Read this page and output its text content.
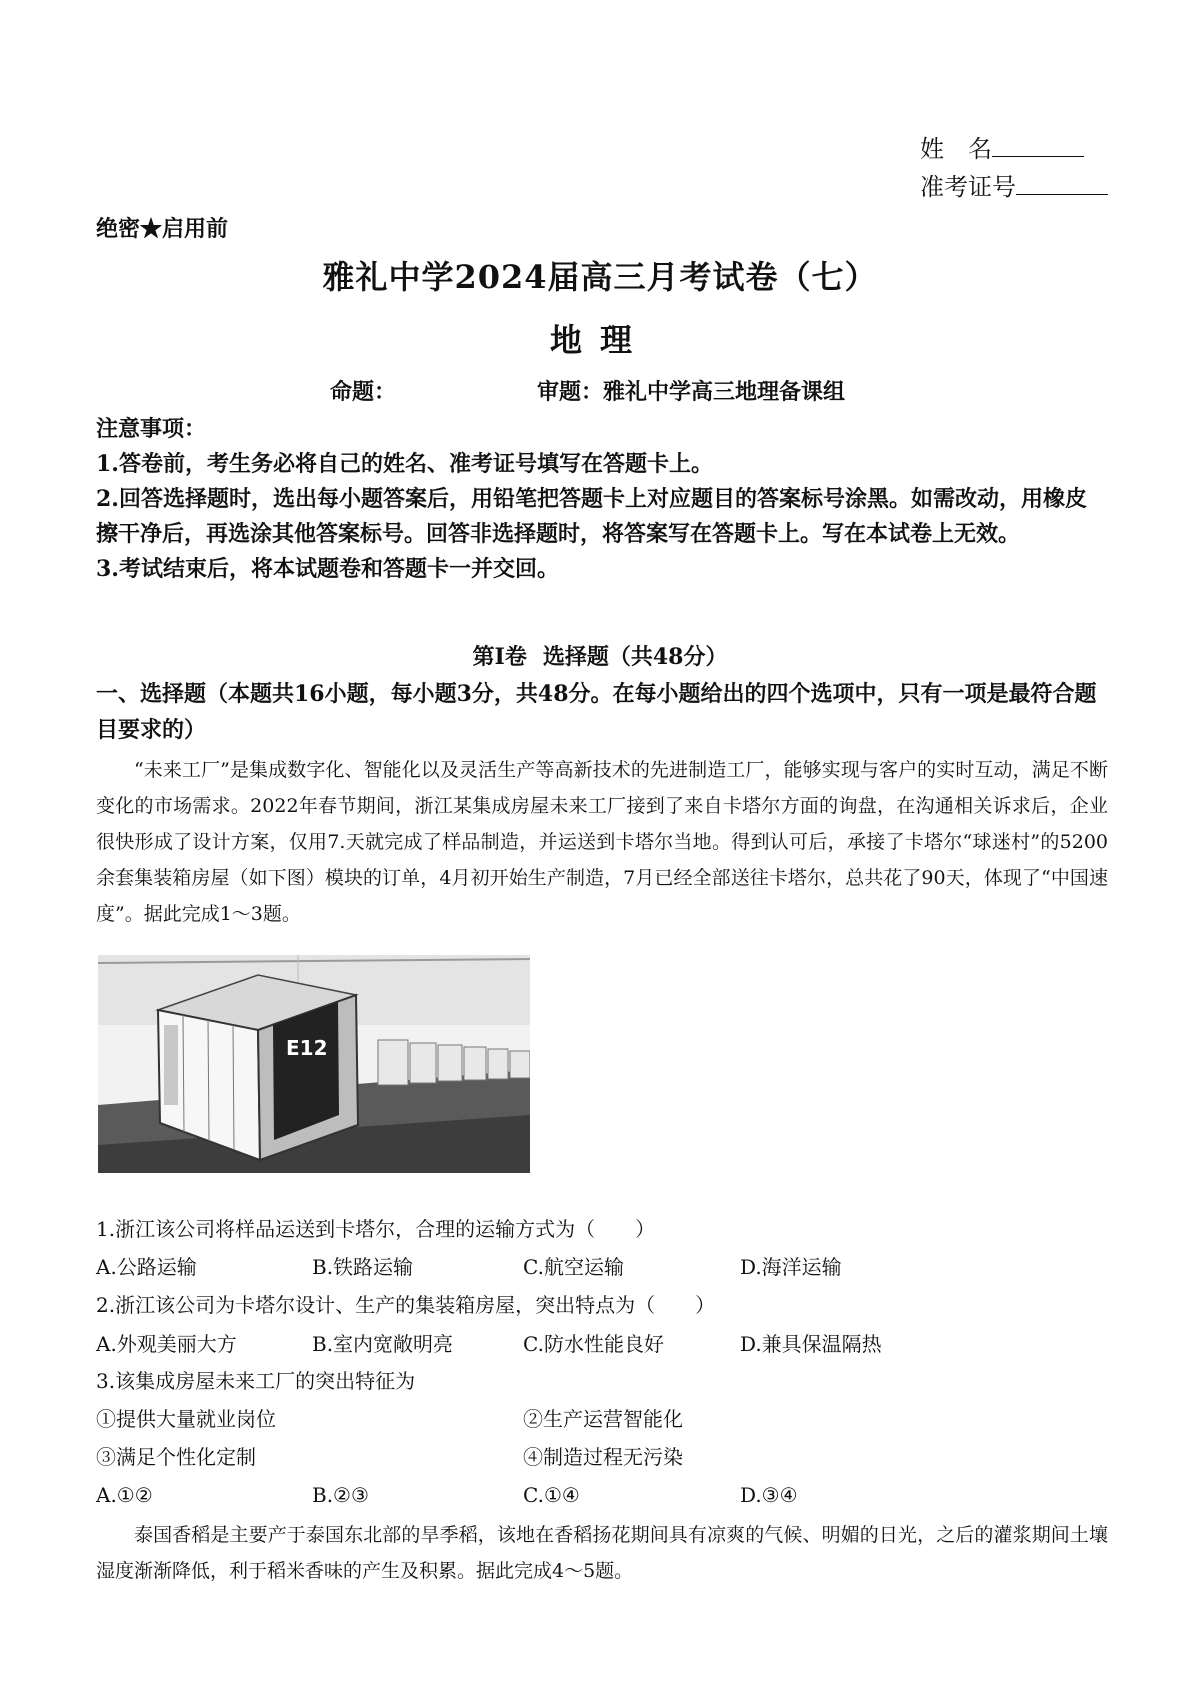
姓　名
准考证号
绝密★启用前
雅礼中学2024届高三月考试卷（七）
地理
命题：	审题：雅礼中学高三地理备课组

注意事项：

1.答卷前，考生务必将自己的姓名、准考证号填写在答题卡上。

2.回答选择题时，选出每小题答案后，用铅笔把答题卡上对应题目的答案标号涂黑。如需改动，用橡皮擦干净后，再选涂其他答案标号。回答非选择题时，将答案写在答题卡上。写在本试卷上无效。

3.考试结束后，将本试题卷和答题卡一并交回。

第Ⅰ卷 选择题（共48分）
一、选择题（本题共16小题，每小题3分，共48分。在每小题给出的四个选项中，只有一项是最符合题目要求的）

“未来工厂”是集成数字化、智能化以及灵活生产等高新技术的先进制造工厂，能够实现与客户的实时互动，满足不断变化的市场需求。2022年春节期间，浙江某集成房屋未来工厂接到了来自卡塔尔方面的询盘，在沟通相关诉求后，企业很快形成了设计方案，仅用7.天就完成了样品制造，并运送到卡塔尔当地。得到认可后，承接了卡塔尔“球迷村”的5200余套集装箱房屋（如下图）模块的订单，4月初开始生产制造，7月已经全部送往卡塔尔，总共花了90天，体现了“中国速度”。据此完成1～3题。

E12
1.浙江该公司将样品运送到卡塔尔，合理的运输方式为（　　）
A.公路运输	B.铁路运输	C.航空运输	D.海洋运输
2.浙江该公司为卡塔尔设计、生产的集装箱房屋，突出特点为（　　）
A.外观美丽大方	B.室内宽敞明亮	C.防水性能良好	D.兼具保温隔热
3.该集成房屋未来工厂的突出特征为
①提供大量就业岗位	②生产运营智能化
③满足个性化定制	④制造过程无污染
A.①②	B.②③	C.①④	D.③④

泰国香稻是主要产于泰国东北部的旱季稻，该地在香稻扬花期间具有凉爽的气候、明媚的日光，之后的灌浆期间土壤湿度渐渐降低，利于稻米香味的产生及积累。据此完成4～5题。
